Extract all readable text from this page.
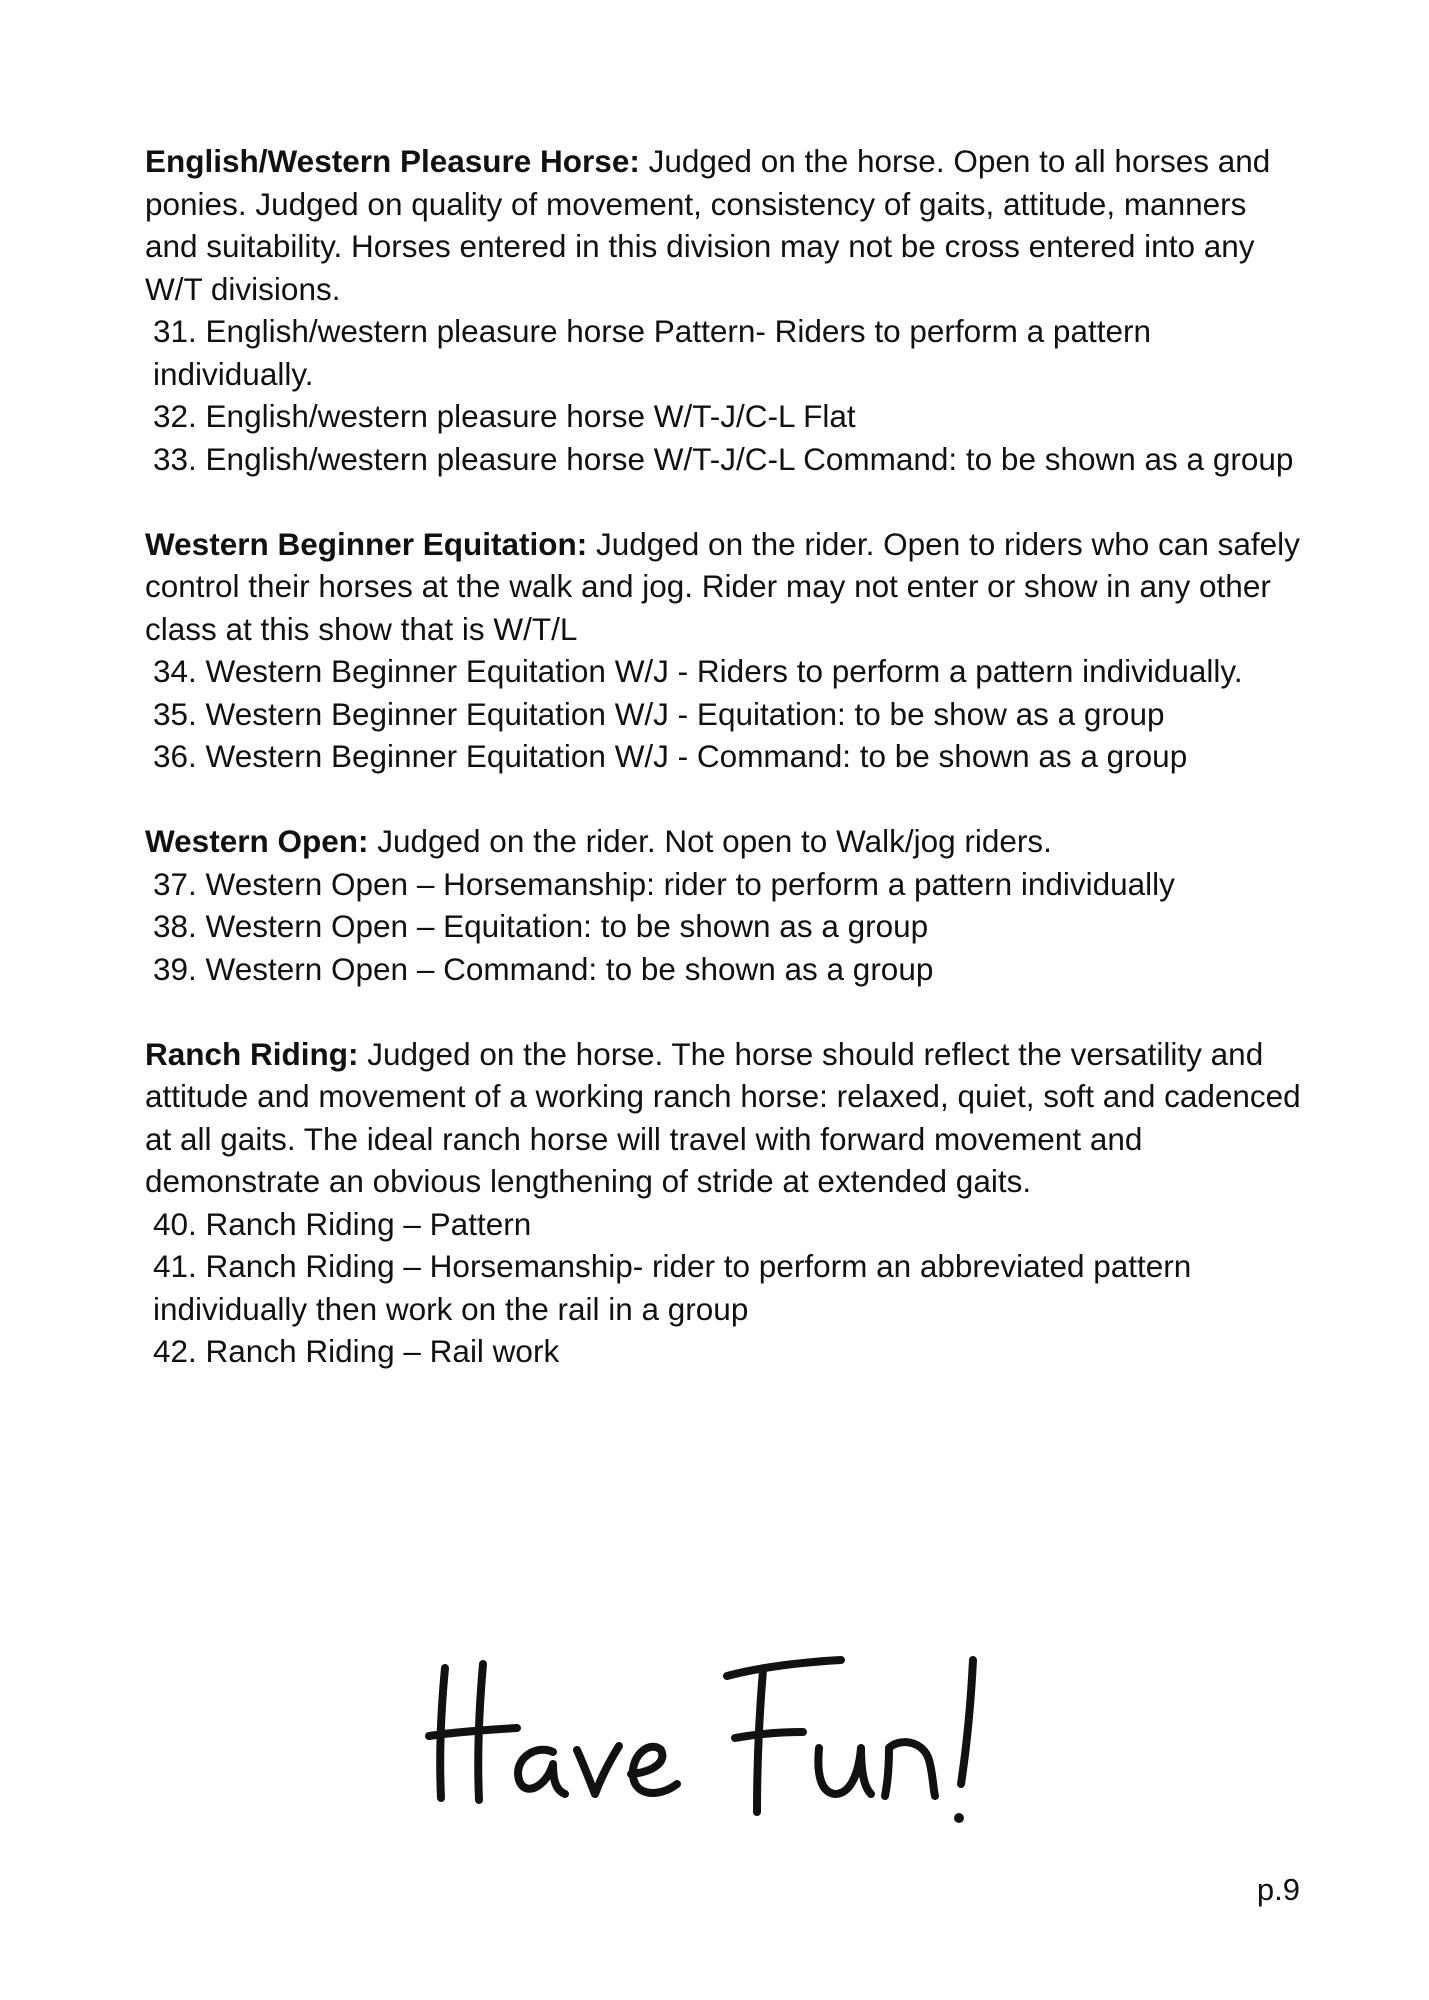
English/Western Pleasure Horse: Judged on the horse. Open to all horses and ponies. Judged on quality of movement, consistency of gaits, attitude, manners and suitability. Horses entered in this division may not be cross entered into any W/T divisions.

31. English/western pleasure horse Pattern- Riders to perform a pattern individually.

32. English/western pleasure horse W/T-J/C-L Flat

33. English/western pleasure horse W/T-J/C-L Command: to be shown as a group

Western Beginner Equitation: Judged on the rider. Open to riders who can safely control their horses at the walk and jog. Rider may not enter or show in any other class at this show that is W/T/L

34. Western Beginner Equitation W/J - Riders to perform a pattern individually.

35. Western Beginner Equitation W/J - Equitation: to be show as a group

36. Western Beginner Equitation W/J - Command: to be shown as a group

Western Open: Judged on the rider. Not open to Walk/jog riders.

37. Western Open – Horsemanship: rider to perform a pattern individually

38. Western Open – Equitation: to be shown as a group

39. Western Open – Command: to be shown as a group

Ranch Riding: Judged on the horse. The horse should reflect the versatility and attitude and movement of a working ranch horse: relaxed, quiet, soft and cadenced at all gaits. The ideal ranch horse will travel with forward movement and demonstrate an obvious lengthening of stride at extended gaits.

40. Ranch Riding – Pattern

41. Ranch Riding – Horsemanship- rider to perform an abbreviated pattern individually then work on the rail in a group

42. Ranch Riding – Rail work

p.9
